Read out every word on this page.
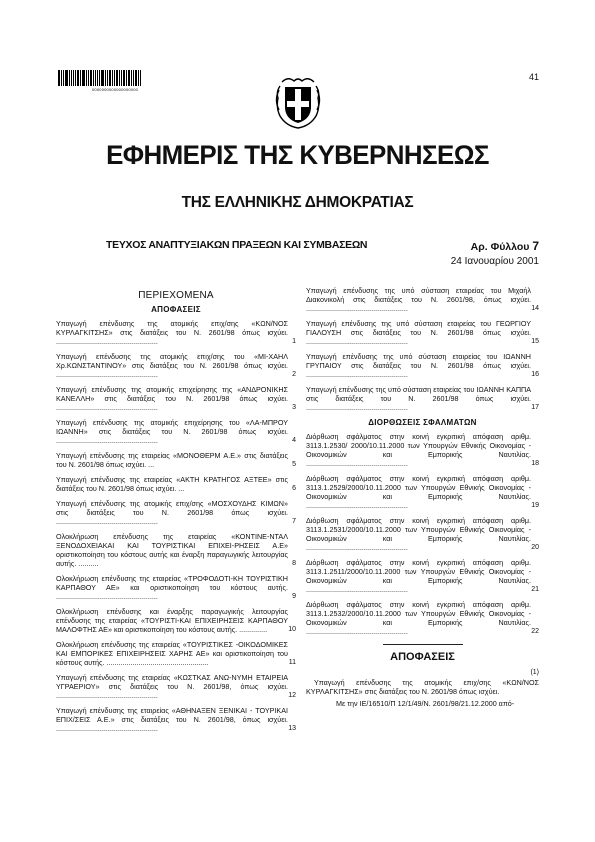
0000000000000000000
41
ΕΦΗΜΕΡΙΣ ΤΗΣ ΚΥΒΕΡΝΗΣΕΩΣ
ΤΗΣ ΕΛΛΗΝΙΚΗΣ ΔΗΜΟΚΡΑΤΙΑΣ
ΤΕΥΧΟΣ ΑΝΑΠΤΥΞΙΑΚΩΝ ΠΡΑΞΕΩΝ ΚΑΙ ΣΥΜΒΑΣΕΩΝ	Αρ. Φύλλου 7
24 Ιανουαρίου 2001
ΠΕΡΙΕΧΟΜΕΝΑ
ΑΠΟΦΑΣΕΙΣ
Υπαγωγή επένδυσης της ατομικής επιχ/σης «ΚΩΝ/ΝΟΣ ΚΥΡΛΑΓΚΙΤΣΗΣ» στις διατάξεις του Ν. 2601/98 όπως ισχύει. ...................................................	1
Υπαγωγή επένδυσης της ατομικής επιχ/σης του «ΜΙ-ΧΑΗΛ Χρ.ΚΩΝΣΤΑΝΤΙΝΟΥ» στις διατάξεις του Ν. 2601/98 όπως ισχύει. ...................................................	2
Υπαγωγή επένδυσης της ατομικής επιχείρησης της «ΑΝΔΡΟΝΙΚΗΣ ΚΑΝΕΛΛΗ» στις διατάξεις του Ν. 2601/98 όπως ισχύει. ...................................................	3
Υπαγωγή επένδυσης της ατομικής επιχείρησης του «ΛΑ-ΜΠΡΟΥ ΙΩΑΝΝΗ» στις διατάξεις του Ν. 2601/98 όπως ισχύει. ...................................................	4
Υπαγωγή επένδυσης της εταιρείας «ΜΟΝΟΘΕΡΜ Α.Ε.» στις διατάξεις του Ν. 2601/98 όπως ισχύει. ...	5
Υπαγωγή επένδυσης της εταιρείας «ΑΚΤΗ ΚΡΑΤΗΓΟΣ ΑΞΤΕΕ» στις διατάξεις του Ν. 2601/98 όπως ισχύει. ...	6
Υπαγωγή επένδυσης της ατομικής επιχ/σης «ΜΟΣΧΟΥΔΗΣ ΚΙΜΩΝ» στις διατάξεις του Ν. 2601/98 όπως ισχύει. ...................................................	7
Ολοκλήρωση επένδυσης της εταιρείας «ΚΟΝΤΙΝΕ-ΝΤΑΛ ΞΕΝΟΔΟΧΕΙΑΚΑΙ ΚΑΙ ΤΟΥΡΙΣΤΙΚΑΙ ΕΠΙΧΕΙ-ΡΗΣΕΙΣ Α.Ε» οριστικοποίηση του κόστους αυτής και έναρξη παραγωγικής λειτουργίας αυτής. ..........	8
Ολοκλήρωση επένδυσης της εταιρείας «ΤΡΟΦΟΔΟΤΙ-ΚΗ ΤΟΥΡΙΣΤΙΚΗ ΚΑΡΠΑΘΟΥ ΑΕ» και οριστικοποίηση του κόστους αυτής. ...................................................	9
Ολοκλήρωση επένδυσης και έναρξης παραγωγικής λειτουργίας επένδυσης της εταιρείας «ΤΟΥΡΙΣΤΙ-ΚΑΙ ΕΠΙΧΕΙΡΗΣΕΙΣ ΚΑΡΠΑΘΟΥ ΜΑΛΟΦΤΗΣ ΑΕ» και οριστικοποίηση του κόστους αυτής. ..............	10
Ολοκλήρωση επένδυσης της εταιρείας «ΤΟΥΡΙΣΤΙΚΕΣ -ΟΙΚΟΔΟΜΙΚΕΣ ΚΑΙ ΕΜΠΟΡΙΚΕΣ ΕΠΙΧΕΙΡΗΣΕΙΣ ΧΑΡΗΣ ΑΕ» και οριστικοποίηση του κόστους αυτής. ...................................................	11
Υπαγωγή επένδυσης της εταιρείας «ΚΩΣΤΚΑΣ ΑΝΩ-ΝΥΜΗ ΕΤΑΙΡΕΙΑ ΥΓΡΑΕΡΙΟΥ» στις διατάξεις του Ν. 2601/98, όπως ισχύει. ...................................................	12
Υπαγωγή επένδυσης της εταιρείας «ΑΘΗΝΑΞΕΝ ΞΕΝΙΚΑΙ - ΤΟΥΡΙΚΑΙ ΕΠΙΧ/ΣΕΙΣ Α.Ε.» στις διατάξεις του Ν. 2601/98, όπως ισχύει. ...................................................	13
Υπαγωγή επένδυσης της υπό σύσταση εταιρείας του Μιχαήλ Διακονικολή στις διατάξεις του Ν. 2601/98, όπως ισχύει. ...................................................	14
Υπαγωγή επένδυσης της υπό σύσταση εταιρείας του ΓΕΩΡΓΙΟΥ ΓΙΑΛΟΥΣΗ στις διατάξεις του Ν. 2601/98 όπως ισχύει. ...................................................	15
Υπαγωγή επένδυσης της υπό σύσταση εταιρείας του ΙΩΑΝΝΗ ΓΡΥΠΑΙΟΥ στις διατάξεις του Ν. 2601/98 όπως ισχύει. ...................................................	16
Υπαγωγή επένδυσης της υπό σύσταση εταιρείας του ΙΩΑΝΝΗ ΚΑΠΠΑ στις διατάξεις του Ν. 2601/98 όπως ισχύει. ...................................................	17
ΔΙΟΡΘΩΣΕΙΣ ΣΦΑΛΜΑΤΩΝ
Διόρθωση σφάλματος στην κοινή εγκριτική απόφαση αριθμ. 3113.1.2530/ 2000/10.11.2000 των Υπουργών Εθνικής Οικονομίας - Οικονομικών και Εμπορικής Ναυτιλίας. ...................................................	18
Διόρθωση σφάλματος στην κοινή εγκριτική απόφαση αριθμ. 3113.1.2529/2000/10.11.2000 των Υπουργών Εθνικής Οικονομίας - Οικονομικών και Εμπορικής Ναυτιλίας. ...................................................	19
Διόρθωση σφάλματος στην κοινή εγκριτική απόφαση αριθμ. 3113.1.2531/2000/10.11.2000 των Υπουργών Εθνικής Οικονομίας - Οικονομικών και Εμπορικής Ναυτιλίας. ...................................................	20
Διόρθωση σφάλματος στην κοινή εγκριτική απόφαση αριθμ. 3113.1.2511/2000/10.11.2000 των Υπουργών Εθνικής Οικονομίας - Οικονομικών και Εμπορικής Ναυτιλίας. ...................................................	21
Διόρθωση σφάλματος στην κοινή εγκριτική απόφαση αριθμ. 3113.1.2532/2000/10.11.2000 των Υπουργών Εθνικής Οικονομίας - Οικονομικών και Εμπορικής Ναυτιλίας. ...................................................	22
ΑΠΟΦΑΣΕΙΣ
(1)

Υπαγωγή επένδυσης της ατομικής επιχ/σης «ΚΩΝ/ΝΟΣ ΚΥΡΛΑΓΚΙΤΣΗΣ» στις διατάξεις του Ν. 2601/98 όπως ισχύει.

Με την ΙΕ/16510/Π 12/1/49/Ν. 2601/98/21.12.2000 από-
